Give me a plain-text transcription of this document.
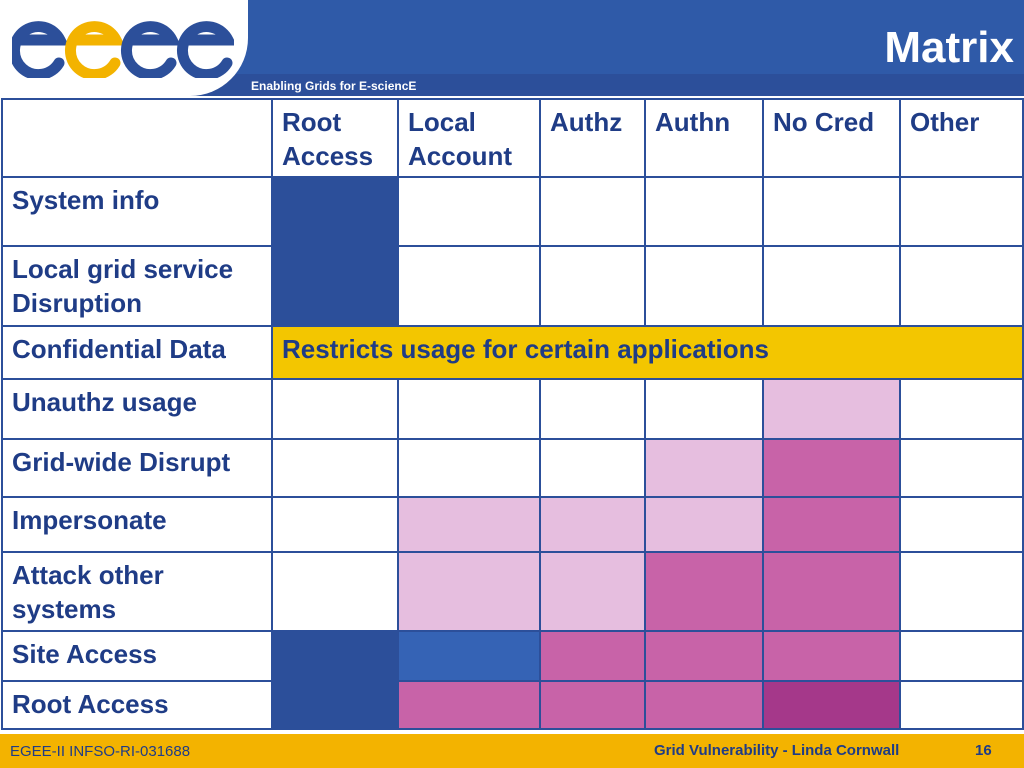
Enabling Grids for E-sciencE
Matrix
	Root Access	Local Account	Authz	Authn	No Cred	Other
System info						
Local grid service Disruption						
Confidential Data	Restricts usage for certain applications					
Unauthz usage						
Grid-wide Disrupt						
Impersonate						
Attack other systems						
Site Access						
Root Access						
EGEE-II INFSO-RI-031688	Grid Vulnerability - Linda Cornwall	16
